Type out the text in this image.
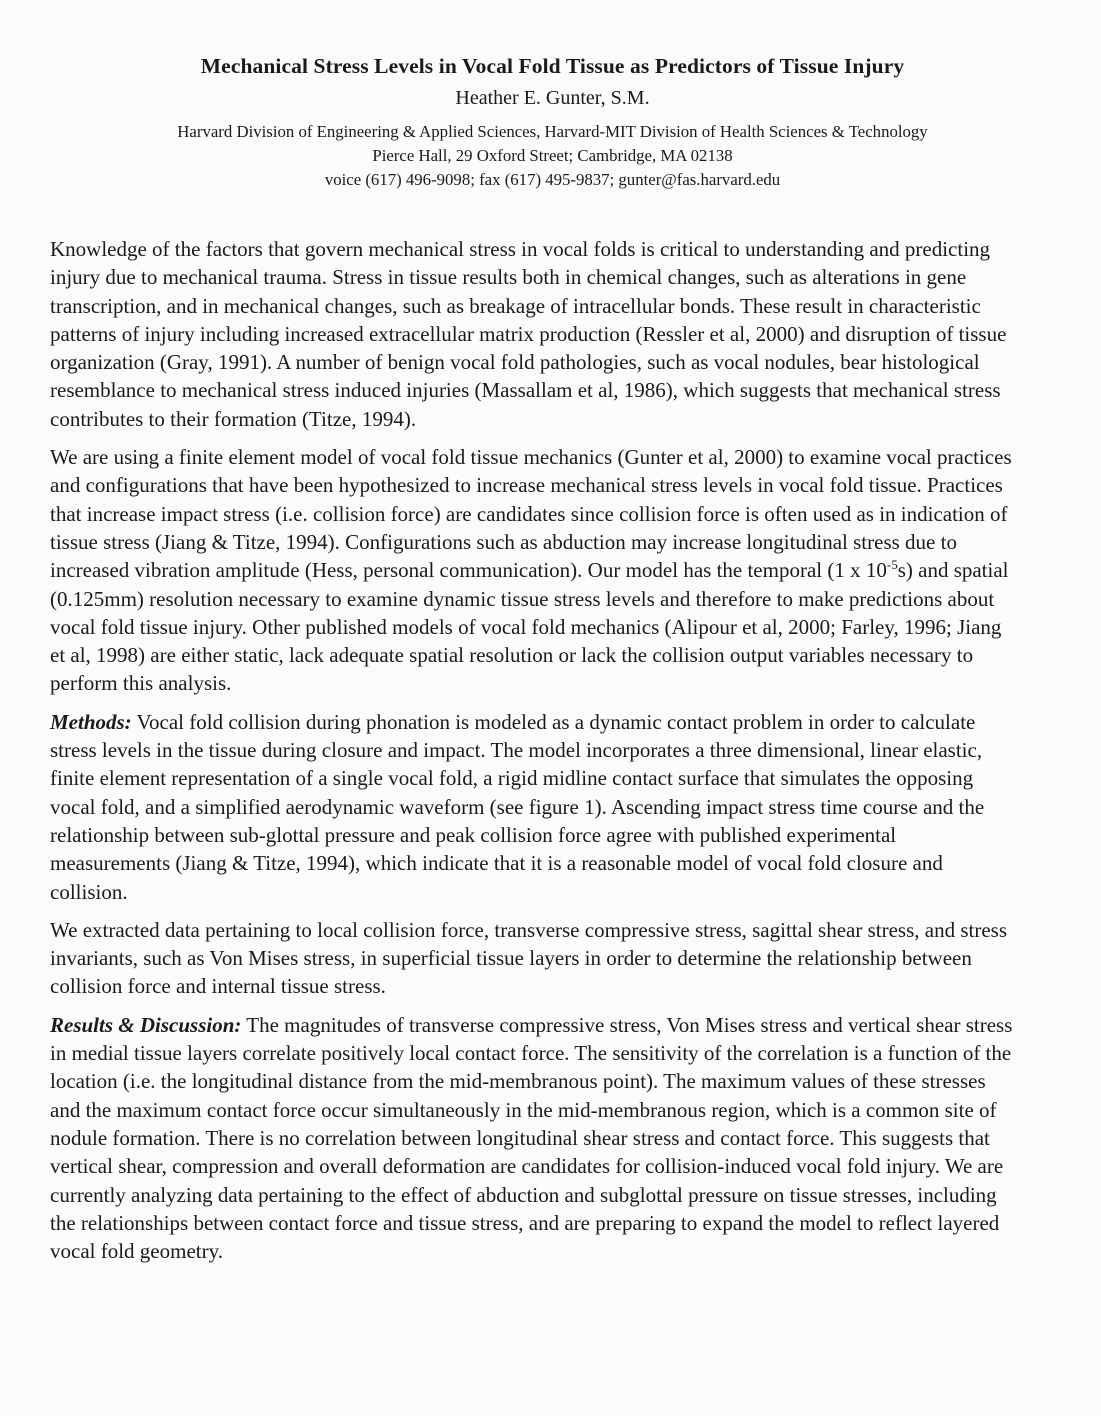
Mechanical Stress Levels in Vocal Fold Tissue as Predictors of Tissue Injury
Heather E. Gunter, S.M.
Harvard Division of Engineering & Applied Sciences, Harvard-MIT Division of Health Sciences & Technology
Pierce Hall, 29 Oxford Street; Cambridge, MA 02138
voice (617) 496-9098; fax (617) 495-9837; gunter@fas.harvard.edu

Knowledge of the factors that govern mechanical stress in vocal folds is critical to understanding and predicting injury due to mechanical trauma. Stress in tissue results both in chemical changes, such as alterations in gene transcription, and in mechanical changes, such as breakage of intracellular bonds. These result in characteristic patterns of injury including increased extracellular matrix production (Ressler et al, 2000) and disruption of tissue organization (Gray, 1991). A number of benign vocal fold pathologies, such as vocal nodules, bear histological resemblance to mechanical stress induced injuries (Massallam et al, 1986), which suggests that mechanical stress contributes to their formation (Titze, 1994).

We are using a finite element model of vocal fold tissue mechanics (Gunter et al, 2000) to examine vocal practices and configurations that have been hypothesized to increase mechanical stress levels in vocal fold tissue. Practices that increase impact stress (i.e. collision force) are candidates since collision force is often used as in indication of tissue stress (Jiang & Titze, 1994). Configurations such as abduction may increase longitudinal stress due to increased vibration amplitude (Hess, personal communication). Our model has the temporal (1 x $10^{-5}s$) and spatial (0.125mm) resolution necessary to examine dynamic tissue stress levels and therefore to make predictions about vocal fold tissue injury. Other published models of vocal fold mechanics (Alipour et al, 2000; Farley, 1996; Jiang et al, 1998) are either static, lack adequate spatial resolution or lack the collision output variables necessary to perform this analysis.

Methods: Vocal fold collision during phonation is modeled as a dynamic contact problem in order to calculate stress levels in the tissue during closure and impact. The model incorporates a three dimensional, linear elastic, finite element representation of a single vocal fold, a rigid midline contact surface that simulates the opposing vocal fold, and a simplified aerodynamic waveform (see figure 1). Ascending impact stress time course and the relationship between sub-glottal pressure and peak collision force agree with published experimental measurements (Jiang & Titze, 1994), which indicate that it is a reasonable model of vocal fold closure and collision.

We extracted data pertaining to local collision force, transverse compressive stress, sagittal shear stress, and stress invariants, such as Von Mises stress, in superficial tissue layers in order to determine the relationship between collision force and internal tissue stress.

Results & Discussion: The magnitudes of transverse compressive stress, Von Mises stress and vertical shear stress in medial tissue layers correlate positively local contact force. The sensitivity of the correlation is a function of the location (i.e. the longitudinal distance from the mid-membranous point). The maximum values of these stresses and the maximum contact force occur simultaneously in the mid-membranous region, which is a common site of nodule formation. There is no correlation between longitudinal shear stress and contact force. This suggests that vertical shear, compression and overall deformation are candidates for collision-induced vocal fold injury. We are currently analyzing data pertaining to the effect of abduction and subglottal pressure on tissue stresses, including the relationships between contact force and tissue stress, and are preparing to expand the model to reflect layered vocal fold geometry.
